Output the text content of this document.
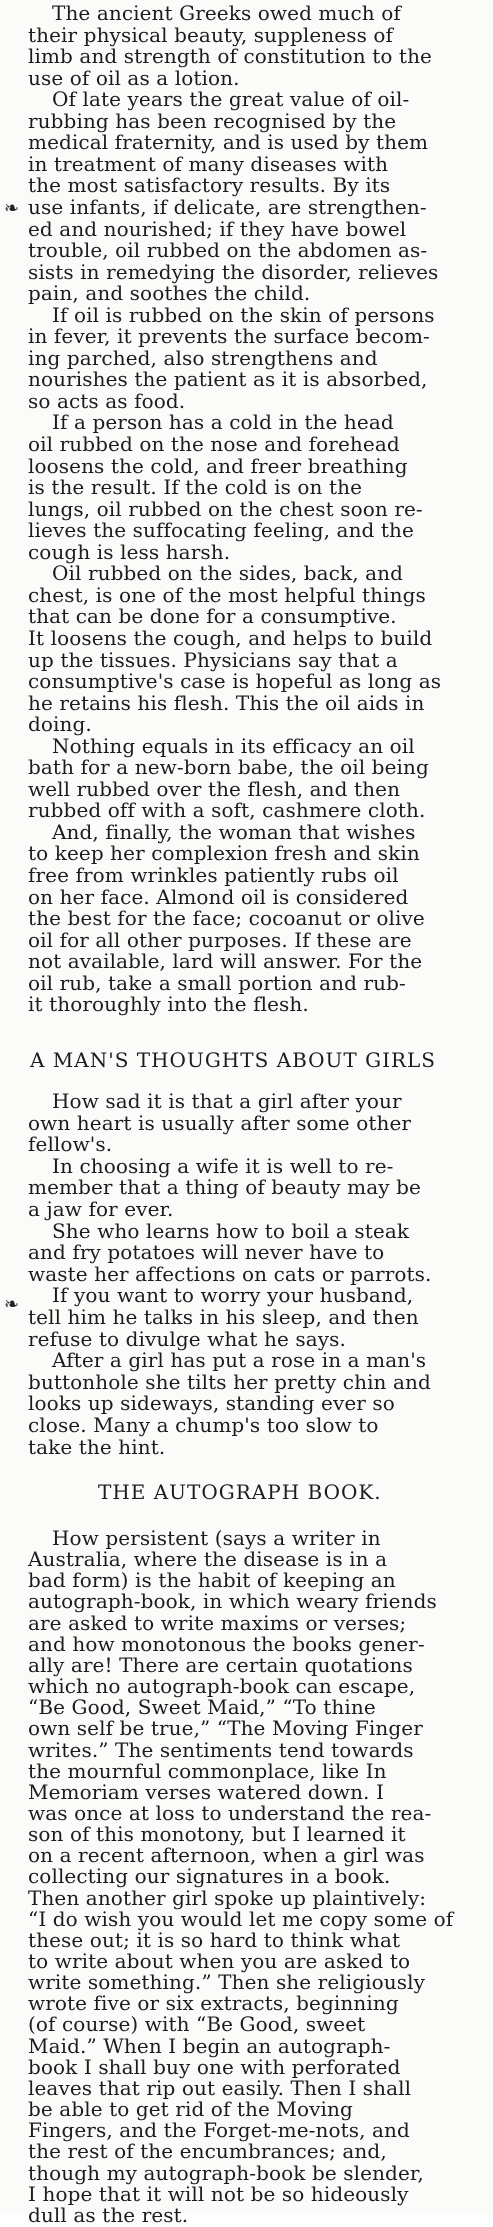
The ancient Greeks owed much of
their physical beauty, suppleness of
limb and strength of constitution to the
use of oil as a lotion.
Of late years the great value of oil-
rubbing has been recognised by the
medical fraternity, and is used by them
in treatment of many diseases with
the most satisfactory results. By its
use infants, if delicate, are strengthen-
ed and nourished; if they have bowel
trouble, oil rubbed on the abdomen as-
sists in remedying the disorder, relieves
pain, and soothes the child.
If oil is rubbed on the skin of persons
in fever, it prevents the surface becom-
ing parched, also strengthens and
nourishes the patient as it is absorbed,
so acts as food.
If a person has a cold in the head
oil rubbed on the nose and forehead
loosens the cold, and freer breathing
is the result. If the cold is on the
lungs, oil rubbed on the chest soon re-
lieves the suffocating feeling, and the
cough is less harsh.
Oil rubbed on the sides, back, and
chest, is one of the most helpful things
that can be done for a consumptive.
It loosens the cough, and helps to build
up the tissues. Physicians say that a
consumptive's case is hopeful as long as
he retains his flesh. This the oil aids in
doing.
Nothing equals in its efficacy an oil
bath for a new-born babe, the oil being
well rubbed over the flesh, and then
rubbed off with a soft, cashmere cloth.
And, finally, the woman that wishes
to keep her complexion fresh and skin
free from wrinkles patiently rubs oil
on her face. Almond oil is considered
the best for the face; cocoanut or olive
oil for all other purposes. If these are
not available, lard will answer. For the
oil rub, take a small portion and rub-
it thoroughly into the flesh.
A MAN'S THOUGHTS ABOUT GIRLS
How sad it is that a girl after your
own heart is usually after some other
fellow's.
In choosing a wife it is well to re-
member that a thing of beauty may be
a jaw for ever.
She who learns how to boil a steak
and fry potatoes will never have to
waste her affections on cats or parrots.
If you want to worry your husband,
tell him he talks in his sleep, and then
refuse to divulge what he says.
After a girl has put a rose in a man's
buttonhole she tilts her pretty chin and
looks up sideways, standing ever so
close. Many a chump's too slow to
take the hint.
THE AUTOGRAPH BOOK.
How persistent (says a writer in
Australia, where the disease is in a
bad form) is the habit of keeping an
autograph-book, in which weary friends
are asked to write maxims or verses;
and how monotonous the books gener-
ally are! There are certain quotations
which no autograph-book can escape,
“Be Good, Sweet Maid,” “To thine
own self be true,” “The Moving Finger
writes.” The sentiments tend towards
the mournful commonplace, like In
Memoriam verses watered down. I
was once at loss to understand the rea-
son of this monotony, but I learned it
on a recent afternoon, when a girl was
collecting our signatures in a book.
Then another girl spoke up plaintively:
“I do wish you would let me copy some of
these out; it is so hard to think what
to write about when you are asked to
write something.” Then she religiously
wrote five or six extracts, beginning
(of course) with “Be Good, sweet
Maid.” When I begin an autograph-
book I shall buy one with perforated
leaves that rip out easily. Then I shall
be able to get rid of the Moving
Fingers, and the Forget-me-nots, and
the rest of the encumbrances; and,
though my autograph-book be slender,
I hope that it will not be so hideously
dull as the rest.
❧
❧
